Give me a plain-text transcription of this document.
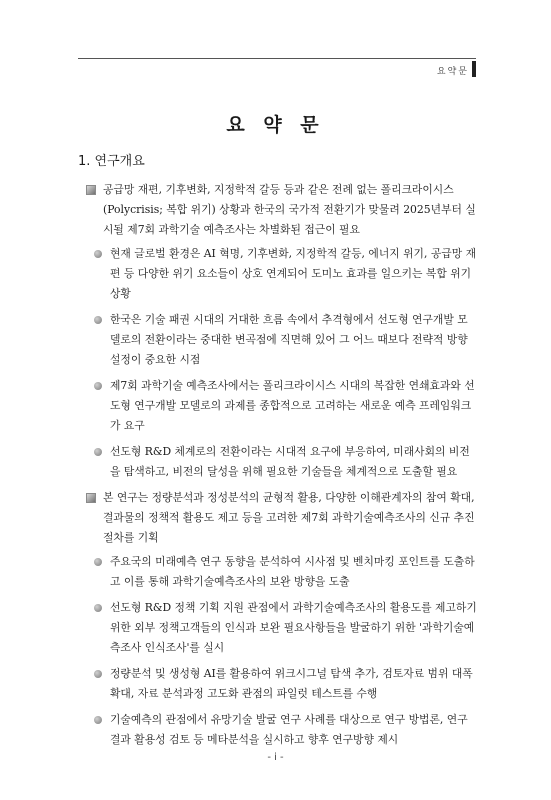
요약문
요 약 문
1. 연구개요
공급망 재편, 기후변화, 지정학적 갈등 등과 같은 전례 없는 폴리크라이시스(Polycrisis; 복합 위기) 상황과 한국의 국가적 전환기가 맞물려 2025년부터 실시될 제7회 과학기술 예측조사는 차별화된 접근이 필요
현재 글로벌 환경은 AI 혁명, 기후변화, 지정학적 갈등, 에너지 위기, 공급망 재편 등 다양한 위기 요소들이 상호 연계되어 도미노 효과를 일으키는 복합 위기 상황
한국은 기술 패권 시대의 거대한 흐름 속에서 추격형에서 선도형 연구개발 모델로의 전환이라는 중대한 변곡점에 직면해 있어 그 어느 때보다 전략적 방향 설정이 중요한 시점
제7회 과학기술 예측조사에서는 폴리크라이시스 시대의 복잡한 연쇄효과와 선도형 연구개발 모델로의 과제를 종합적으로 고려하는 새로운 예측 프레임워크가 요구
선도형 R&D 체계로의 전환이라는 시대적 요구에 부응하여, 미래사회의 비전을 탐색하고, 비전의 달성을 위해 필요한 기술들을 체계적으로 도출할 필요
본 연구는 정량분석과 정성분석의 균형적 활용, 다양한 이해관계자의 참여 확대, 결과물의 정책적 활용도 제고 등을 고려한 제7회 과학기술예측조사의 신규 추진 절차를 기획
주요국의 미래예측 연구 동향을 분석하여 시사점 및 벤치마킹 포인트를 도출하고 이를 통해 과학기술예측조사의 보완 방향을 도출
선도형 R&D 정책 기획 지원 관점에서 과학기술예측조사의 활용도를 제고하기 위한 외부 정책고객들의 인식과 보완 필요사항들을 발굴하기 위한 '과학기술예측조사 인식조사'를 실시
정량분석 및 생성형 AI를 활용하여 위크시그널 탐색 추가, 검토자료 범위 대폭 확대, 자료 분석과정 고도화 관점의 파일럿 테스트를 수행
기술예측의 관점에서 유망기술 발굴 연구 사례를 대상으로 연구 방법론, 연구결과 활용성 검토 등 메타분석을 실시하고 향후 연구방향 제시
- i -
